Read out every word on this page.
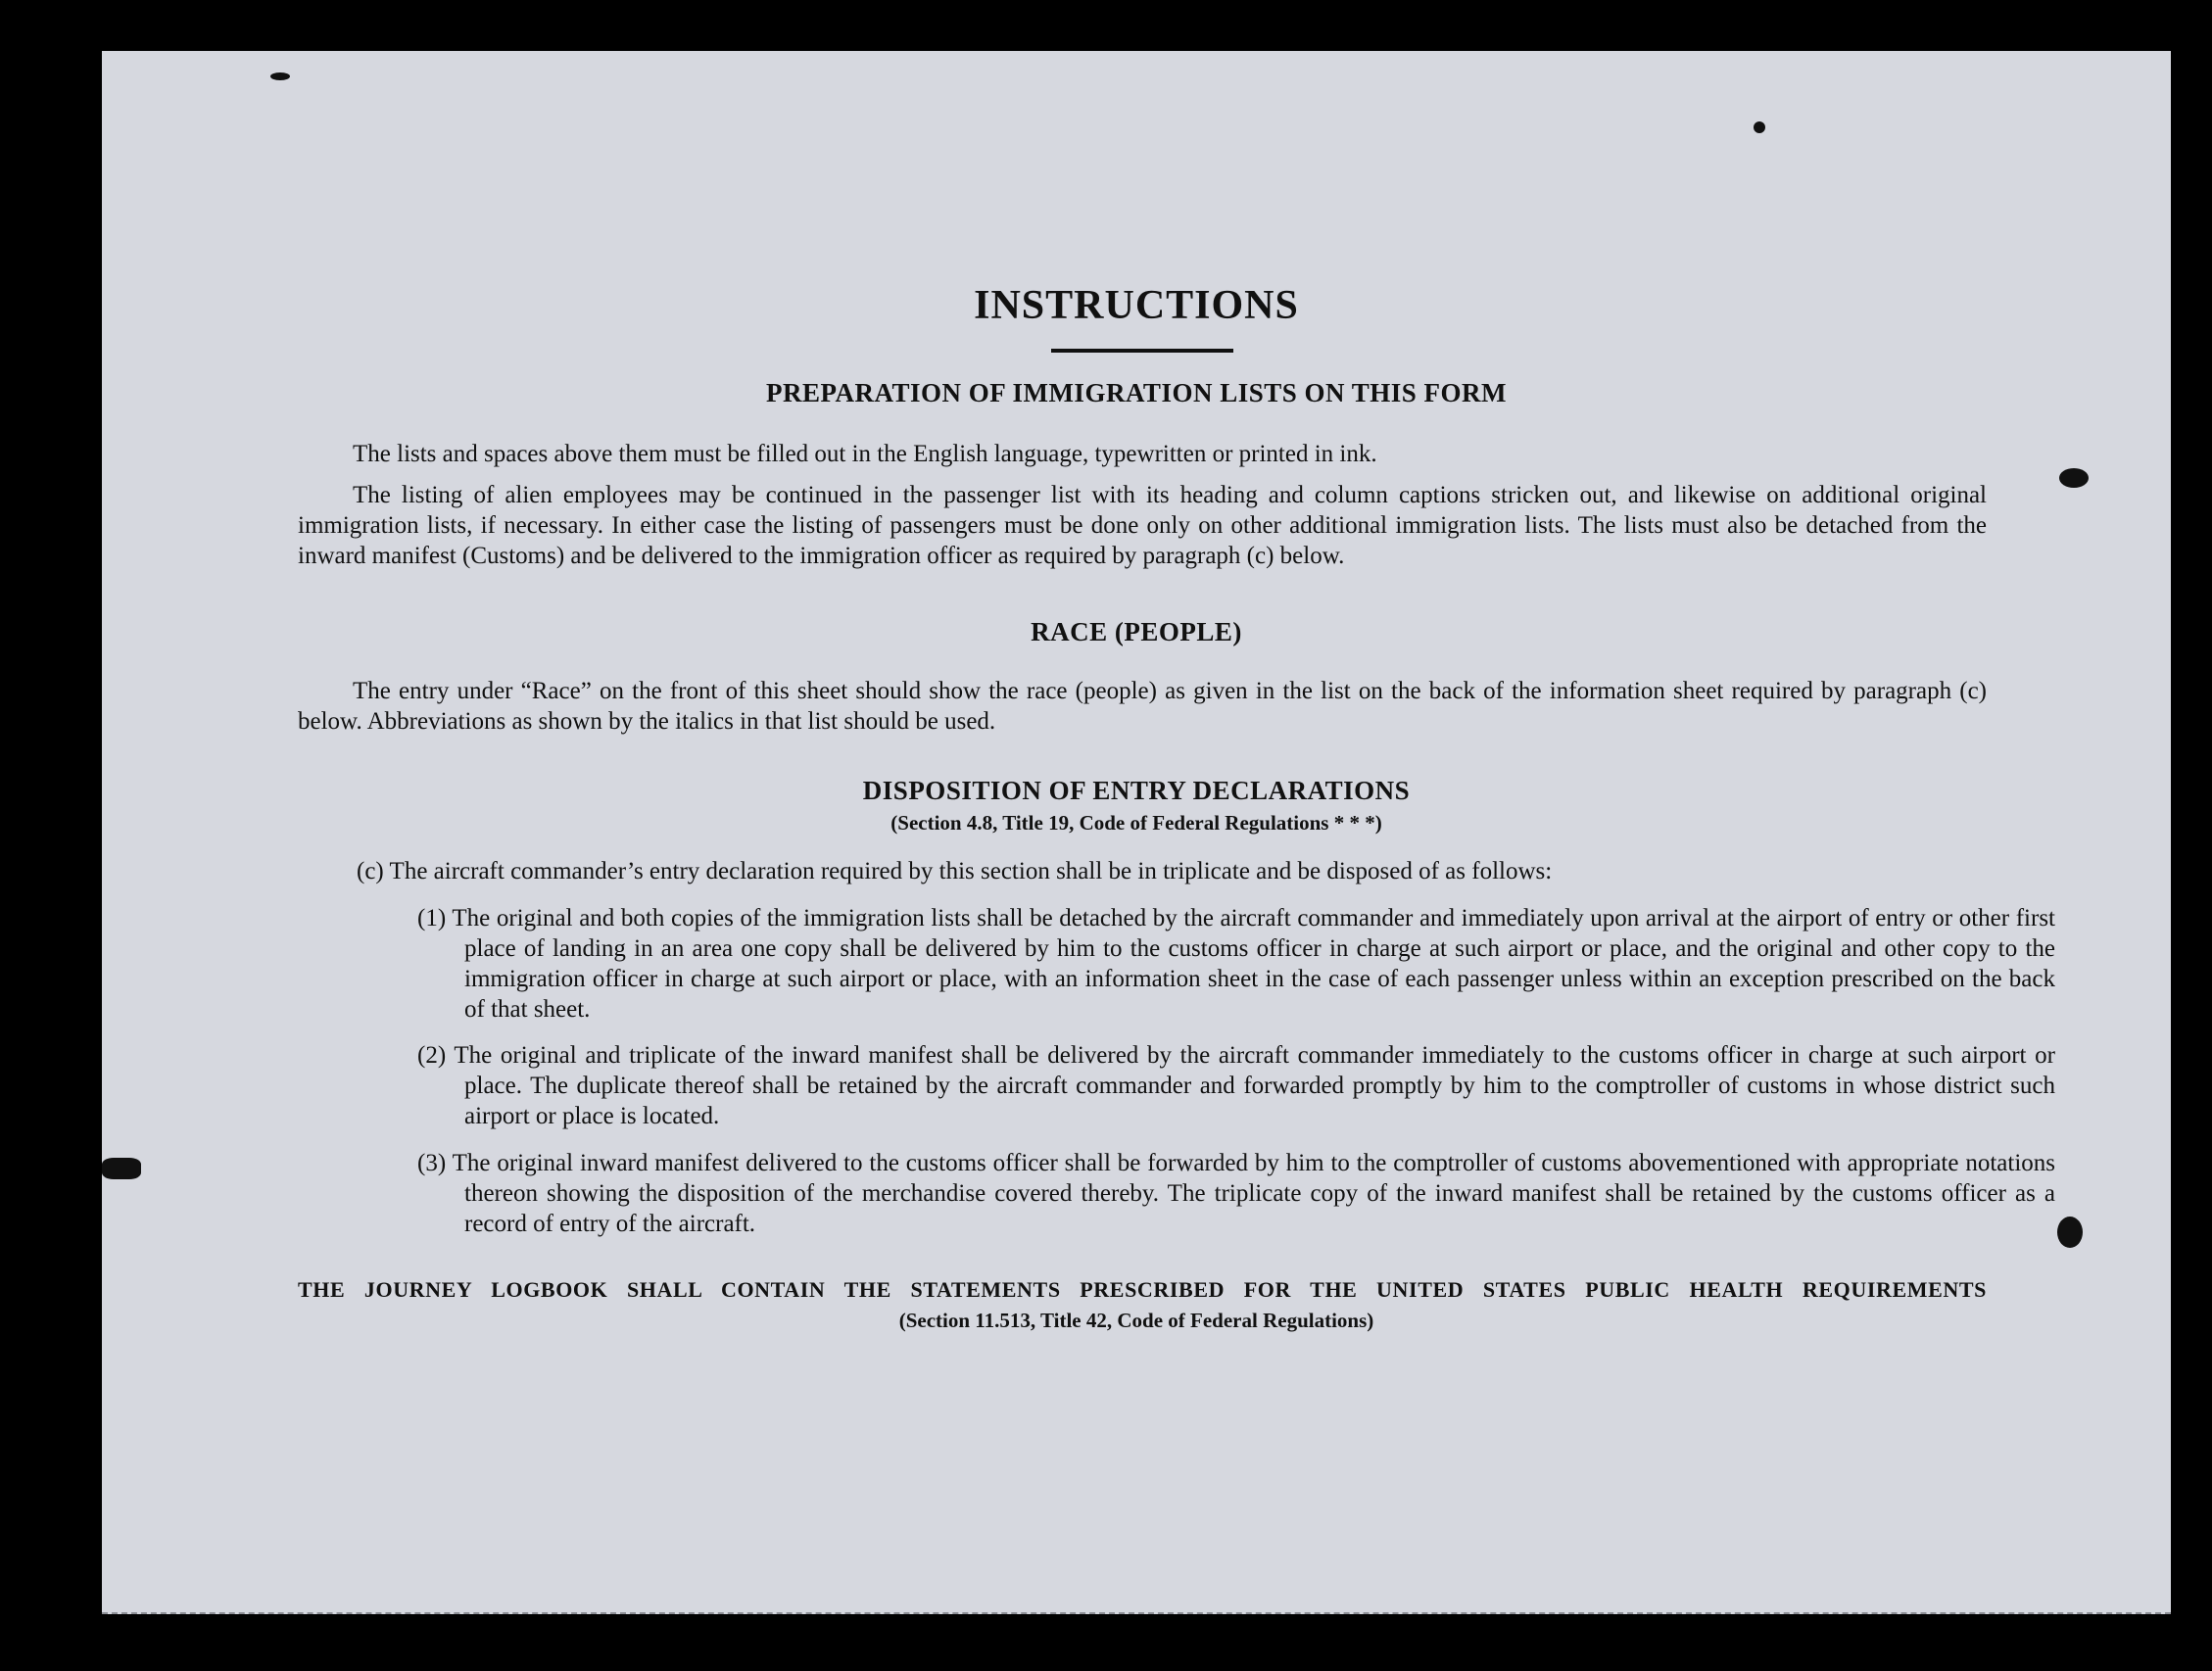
INSTRUCTIONS
PREPARATION OF IMMIGRATION LISTS ON THIS FORM
The lists and spaces above them must be filled out in the English language, typewritten or printed in ink.
The listing of alien employees may be continued in the passenger list with its heading and column captions stricken out, and likewise on additional original immigration lists, if necessary. In either case the listing of passengers must be done only on other additional immigration lists. The lists must also be detached from the inward manifest (Customs) and be delivered to the immigration officer as required by paragraph (c) below.
RACE (PEOPLE)
The entry under “Race” on the front of this sheet should show the race (people) as given in the list on the back of the information sheet required by paragraph (c) below. Abbreviations as shown by the italics in that list should be used.
DISPOSITION OF ENTRY DECLARATIONS
(Section 4.8, Title 19, Code of Federal Regulations * * *)
(c) The aircraft commander’s entry declaration required by this section shall be in triplicate and be disposed of as follows:
(1) The original and both copies of the immigration lists shall be detached by the aircraft commander and immediately upon arrival at the airport of entry or other first place of landing in an area one copy shall be delivered by him to the customs officer in charge at such airport or place, and the original and other copy to the immigration officer in charge at such airport or place, with an information sheet in the case of each passenger unless within an exception prescribed on the back of that sheet.
(2) The original and triplicate of the inward manifest shall be delivered by the aircraft commander immediately to the customs officer in charge at such airport or place. The duplicate thereof shall be retained by the aircraft commander and forwarded promptly by him to the comptroller of customs in whose district such airport or place is located.
(3) The original inward manifest delivered to the customs officer shall be forwarded by him to the comptroller of customs abovementioned with appropriate notations thereon showing the disposition of the merchandise covered thereby. The triplicate copy of the inward manifest shall be retained by the customs officer as a record of entry of the aircraft.
THE JOURNEY LOGBOOK SHALL CONTAIN THE STATEMENTS PRESCRIBED FOR THE UNITED STATES PUBLIC HEALTH REQUIREMENTS
(Section 11.513, Title 42, Code of Federal Regulations)
